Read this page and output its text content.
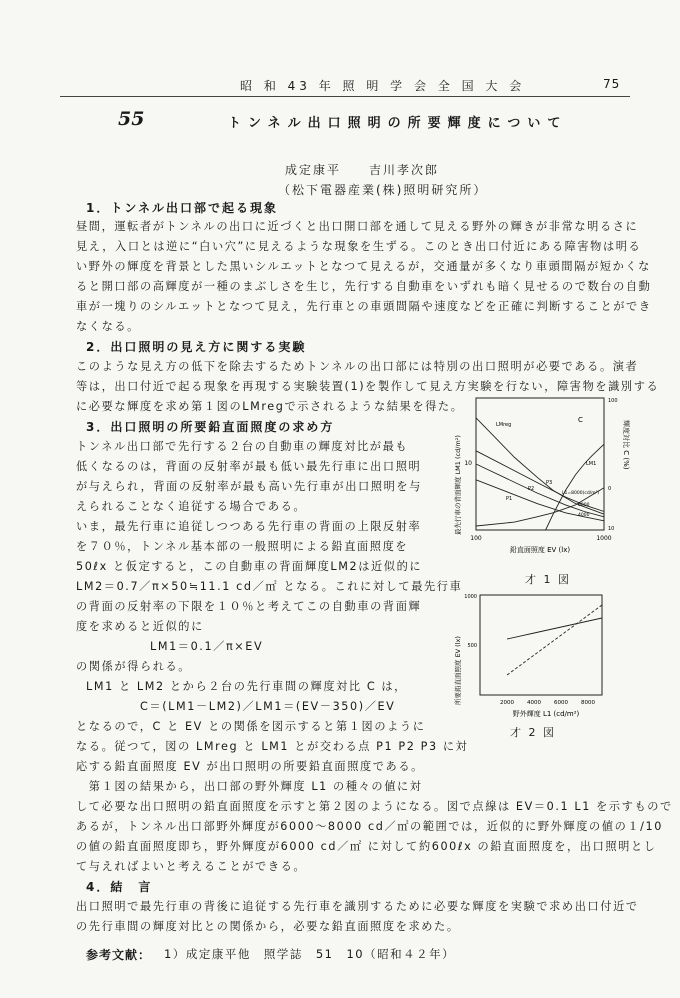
昭 和 43 年 照 明 学 会 全 国 大 会	75
55	トンネル出口照明の所要輝度について
成定康平　　吉川孝次郎
（松下電器産業(株)照明研究所）
1．トンネル出口部で起る現象
昼間，運転者がトンネルの出口に近づくと出口開口部を通して見える野外の輝きが非常な明るさに
見え，入口とは逆に“白い穴”に見えるような現象を生ずる。このとき出口付近にある障害物は明る
い野外の輝度を背景とした黒いシルエットとなつて見えるが，交通量が多くなり車頭間隔が短かくな
ると開口部の高輝度が一種のまぶしさを生じ，先行する自動車をいずれも暗く見せるので数台の自動
車が一塊りのシルエットとなつて見え，先行車との車頭間隔や速度などを正確に判断することができ
なくなる。
2．出口照明の見え方に関する実験
このような見え方の低下を除去するためトンネルの出口部には特別の出口照明が必要である。演者
等は，出口付近で起る現象を再現する実験装置(1)を製作して見え方実験を行ない，障害物を識別する
に必要な輝度を求め第１図のLMregで示されるような結果を得た。
3．出口照明の所要鉛直面照度の求め方
トンネル出口部で先行する２台の自動車の輝度対比が最も
低くなるのは，背面の反射率が最も低い最先行車に出口照明
が与えられ，背面の反射率が最も高い先行車が出口照明を与
えられることなく追従する場合である。
いま，最先行車に追従しつつある先行車の背面の上限反射率
を７０％，トンネル基本部の一般照明による鉛直面照度を
50ℓx と仮定すると，この自動車の背面輝度LM2は近似的に
LM2＝0.7／π×50≒11.1 cd／㎡ となる。これに対して最先行車
の背面の反射率の下限を１０％と考えてこの自動車の背面輝
度を求めると近似的に
LM1＝0.1／π×EV
の関係が得られる。
LM1 と LM2 とから２台の先行車間の輝度対比 C は，
C＝(LM1－LM2)／LM1＝(EV－350)／EV
となるので，C と EV との関係を図示すると第１図のように
なる。従つて，図の LMreg と LM1 とが交わる点 P1 P2 P3 に対
応する鉛直面照度 EV が出口照明の所要鉛直面照度である。
　第１図の結果から，出口部の野外輝度 L1 の種々の値に対
して必要な出口照明の鉛直面照度を示すと第２図のようになる。図で点線は EV＝0.1 L1 を示すもので
あるが，トンネル出口部野外輝度が6000～8000 cd／㎡の範囲では，近似的に野外輝度の値の１/10
の値の鉛直面照度即ち，野外輝度が6000 cd／㎡ に対して約600ℓx の鉛直面照度を，出口照明とし
て与えればよいと考えることができる。
4．結　言
出口照明で最先行車の背後に追従する先行車を識別するために必要な輝度を実験で求め出口付近で
の先行車間の輝度対比との関係から，必要な鉛直面照度を求めた。
参考文献： 1）成定康平他　照学誌　51　10（昭和４２年）
100	1000
10
100
0
10
C
LMreg
LM1
L1=8000(cd/m²)
6000
4000
P1
P2
P3
鉛直面照度 EV (lx)
最先行車の背面輝度 LM1 (cd/m²)	輝度対比 C (%)
才 1 図
2000 4000 6000 8000
1000
500
野外輝度 L1 (cd/m²)
所要鉛直面照度 EV (lx)
才 2 図
